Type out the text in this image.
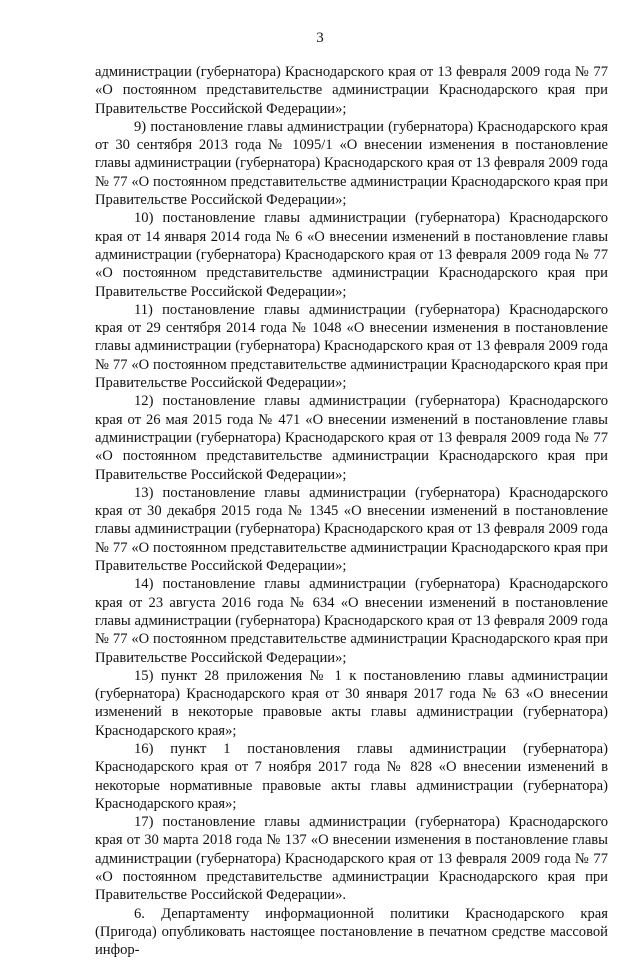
3

администрации (губернатора) Краснодарского края от 13 февраля 2009 года № 77 «О постоянном представительстве администрации Краснодарского края при Правительстве Российской Федерации»;

9) постановление главы администрации (губернатора) Краснодарского края от 30 сентября 2013 года № 1095/1 «О внесении изменения в постановление главы администрации (губернатора) Краснодарского края от 13 февраля 2009 года № 77 «О постоянном представительстве администрации Краснодарского края при Правительстве Российской Федерации»;

10) постановление главы администрации (губернатора) Краснодарского края от 14 января 2014 года № 6 «О внесении изменений в постановление главы администрации (губернатора) Краснодарского края от 13 февраля 2009 года № 77 «О постоянном представительстве администрации Краснодарского края при Правительстве Российской Федерации»;

11) постановление главы администрации (губернатора) Краснодарского края от 29 сентября 2014 года № 1048 «О внесении изменения в постановление главы администрации (губернатора) Краснодарского края от 13 февраля 2009 года № 77 «О постоянном представительстве администрации Краснодарского края при Правительстве Российской Федерации»;

12) постановление главы администрации (губернатора) Краснодарского края от 26 мая 2015 года № 471 «О внесении изменений в постановление главы администрации (губернатора) Краснодарского края от 13 февраля 2009 года № 77 «О постоянном представительстве администрации Краснодарского края при Правительстве Российской Федерации»;

13) постановление главы администрации (губернатора) Краснодарского края от 30 декабря 2015 года № 1345 «О внесении изменений в постановление главы администрации (губернатора) Краснодарского края от 13 февраля 2009 года № 77 «О постоянном представительстве администрации Краснодарского края при Правительстве Российской Федерации»;

14) постановление главы администрации (губернатора) Краснодарского края от 23 августа 2016 года № 634 «О внесении изменений в постановление главы администрации (губернатора) Краснодарского края от 13 февраля 2009 года № 77 «О постоянном представительстве администрации Краснодарского края при Правительстве Российской Федерации»;

15) пункт 28 приложения № 1 к постановлению главы администрации (губернатора) Краснодарского края от 30 января 2017 года № 63 «О внесении изменений в некоторые правовые акты главы администрации (губернатора) Краснодарского края»;

16) пункт 1 постановления главы администрации (губернатора) Краснодарского края от 7 ноября 2017 года № 828 «О внесении изменений в некоторые нормативные правовые акты главы администрации (губернатора) Краснодарского края»;

17) постановление главы администрации (губернатора) Краснодарского края от 30 марта 2018 года № 137 «О внесении изменения в постановление главы администрации (губернатора) Краснодарского края от 13 февраля 2009 года № 77 «О постоянном представительстве администрации Краснодарского края при Правительстве Российской Федерации».

6. Департаменту информационной политики Краснодарского края (Пригода) опубликовать настоящее постановление в печатном средстве массовой инфор-
